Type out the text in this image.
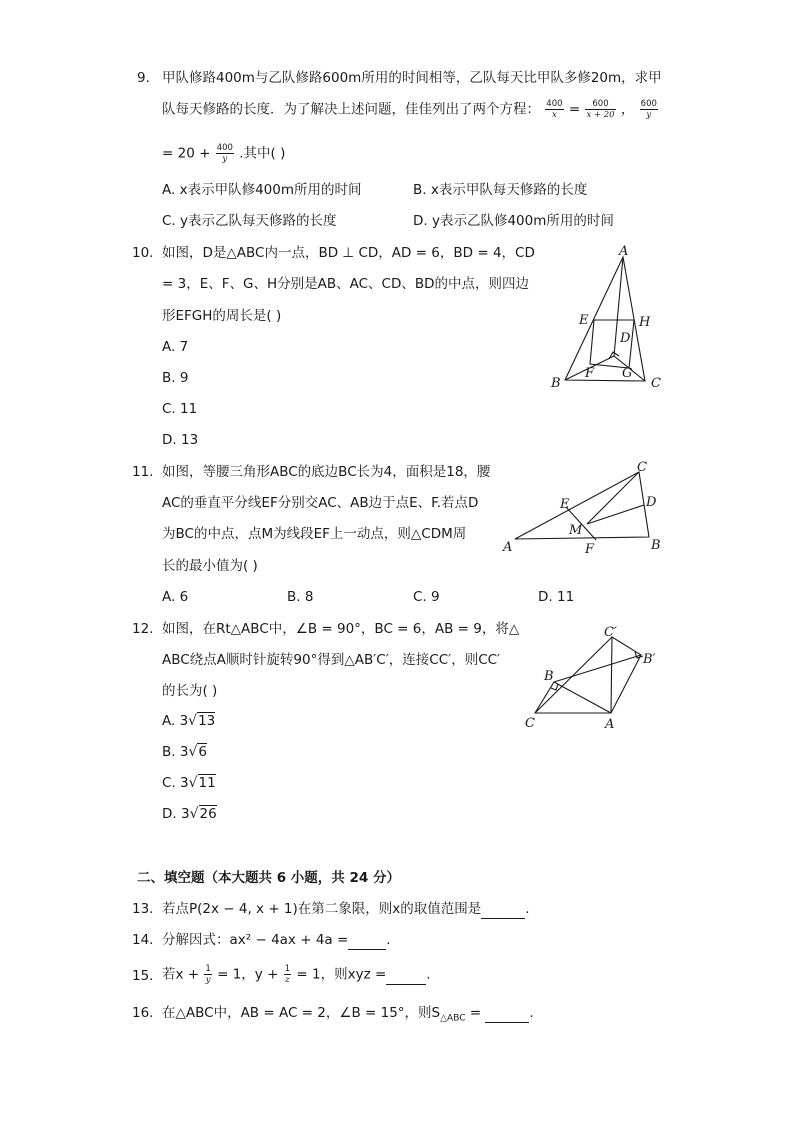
9. 甲队修路400m与乙队修路600m所用的时间相等，乙队每天比甲队多修20m，求甲
队每天修路的长度．为了解决上述问题，佳佳列出了两个方程： $\frac{400}{x} = \frac{600}{x + 20}$ ， $\frac{600}{y}$
= $20 + \frac{400}{y}$ .其中( )
A. x表示甲队修400m所用的时间	B. x表示甲队每天修路的长度
C. y表示乙队每天修路的长度	D. y表示乙队修400m所用的时间
10. 如图，D是△ABC内一点，BD ⊥ CD，AD = 6，BD = 4，CD
= 3，E、F、G、H分别是AB、AC、CD、BD的中点，则四边
形EFGH的周长是( )
A. 7
B. 9
C. 11
D. 13
A
B	C
D
E
F G
H
11. 如图，等腰三角形ABC的底边BC长为4，面积是18，腰
AC的垂直平分线EF分别交AC、AB边于点E、F.若点D
为BC的中点，点M为线段EF上一动点，则△CDM周
长的最小值为( )
A. 6	B. 8	C. 9	D. 11
A	B
C
D
E
F
M
12. 如图，在Rt△ABC中，∠B = 90°，BC = 6，AB = 9，将△
ABC绕点A顺时针旋转90°得到△AB′C′，连接CC′，则CC′
的长为( )
A. 3√13
B. 3√6
C. 3√11
D. 3√26
C
B
A
C′
B′
二、填空题（本大题共 6 小题，共 24 分）
13. 若点P(2x − 4, x + 1)在第二象限，则x的取值范围是	.
14. 分解因式：ax² − 4ax + 4a =	.
15. 若$x + \frac{1}{y} = 1$，$y + \frac{1}{z} = 1$，则xyz =	.
16. 在△ABC中，AB = AC = 2，∠B = 15°，则$S_{\triangle ABC}$ =	.
